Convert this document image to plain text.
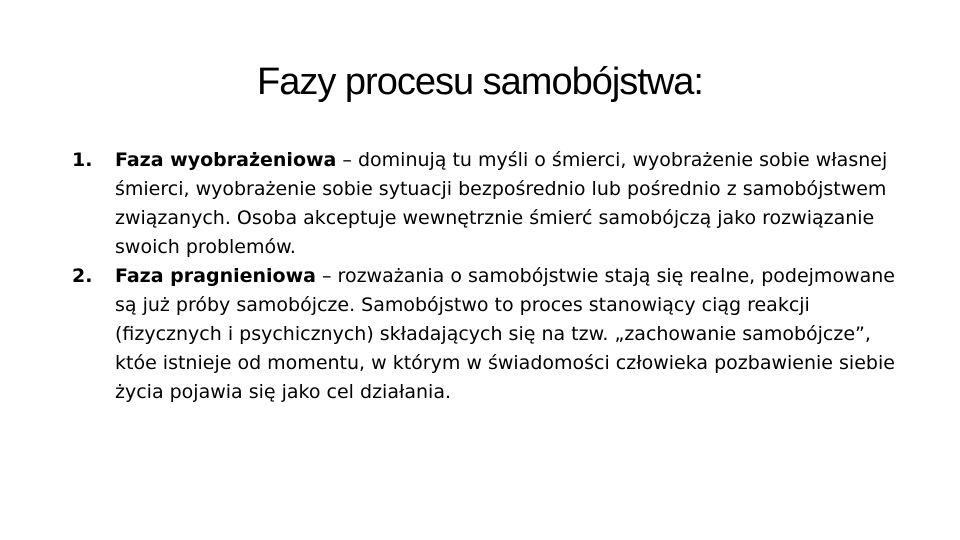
Fazy procesu samobójstwa:
1. Faza wyobrażeniowa – dominują tu myśli o śmierci, wyobrażenie sobie własnej śmierci, wyobrażenie sobie sytuacji bezpośrednio lub pośrednio z samobójstwem związanych. Osoba akceptuje wewnętrznie śmierć samobójczą jako rozwiązanie swoich problemów.
2. Faza pragnieniowa – rozważania o samobójstwie stają się realne, podejmowane są już próby samobójcze. Samobójstwo to proces stanowiący ciąg reakcji (fizycznych i psychicznych) składających się na tzw. „zachowanie samobójcze”, któe istnieje od momentu, w którym w świadomości człowieka pozbawienie siebie życia pojawia się jako cel działania.
